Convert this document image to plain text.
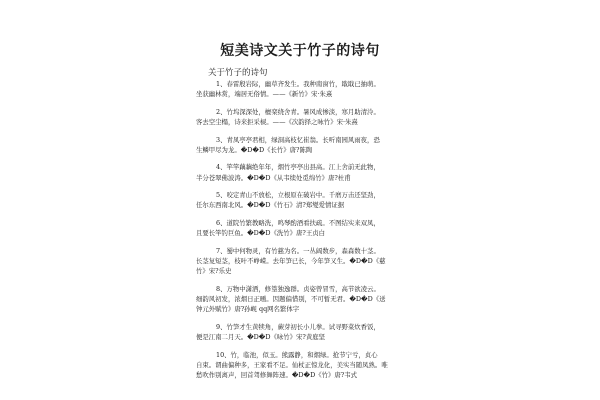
短美诗文关于竹子的诗句

关于竹子的诗句

1、春雷殷岩际，幽草齐发生。我种南窗竹，戢戢已抽萌。
坐获幽林赏，端居无俗情。——《新竹》宋·朱熹
2、竹坞深深处，檀栾绕舍青。暑风成惨淡，寒月助清泠。
客去空尘榻，诗来拒采棂。——《次韵择之咏竹》宋·朱熹
3、青凤亭亭君相，绿洞高枝忆崔翁。长听南园风雨夜，恐
生鳞甲尽为龙。�D�D《长竹》唐?陈陶
4、竿竿藕藕绝年年，烟竹亭亭出县高。江上舍前无此物，
半分苍翠佛波涛。�D�D《从韦续处觅绵竹》唐?杜甫
5、咬定青山不放松，立根原在破岩中。千磨万击还坚劲，
任尔东西南北风。�D�D《竹石》清?郑燮爱情证据
6、道院竹繁教略洗，鸣琴酌酒看扶疏。不图结实来双凤，
且要长竿钓巨鱼。�D�D《洗竹》唐?王贞白
7、蜀中何物灵，有竹慈为名。一丛阔数步，森森数十茎。
长茎复短茎，枝叶不峥嵘。去年笋已长，今年笋又生。�D�D《慈
竹》宋?乐史
8、万物中潇洒，修篁独逸群。贞姿曾冒雪，高节欲凌云。
细韵风初发，浓烟日正曛。因题偏惜别，不可暂无君。�D�D《送
钟元外赋竹》唐?孙岘 qq网名繁体字
9、竹笋才生黄犊角，蕨芽初长小儿拳。试寻野菜炊香饭，
便是江南二月天。�D�D《咏竹》宋?黄庭坚
10、竹，临池，似玉。熊露静，和烟绿。抢节宁亏，贞心
自束。谓曲偏种多，王家看不足。仙杖正惊龙化，美实当随凤熟。唯
愁吹作别离声，回首驾修舞阵速。�D�D《竹》唐?韦式
